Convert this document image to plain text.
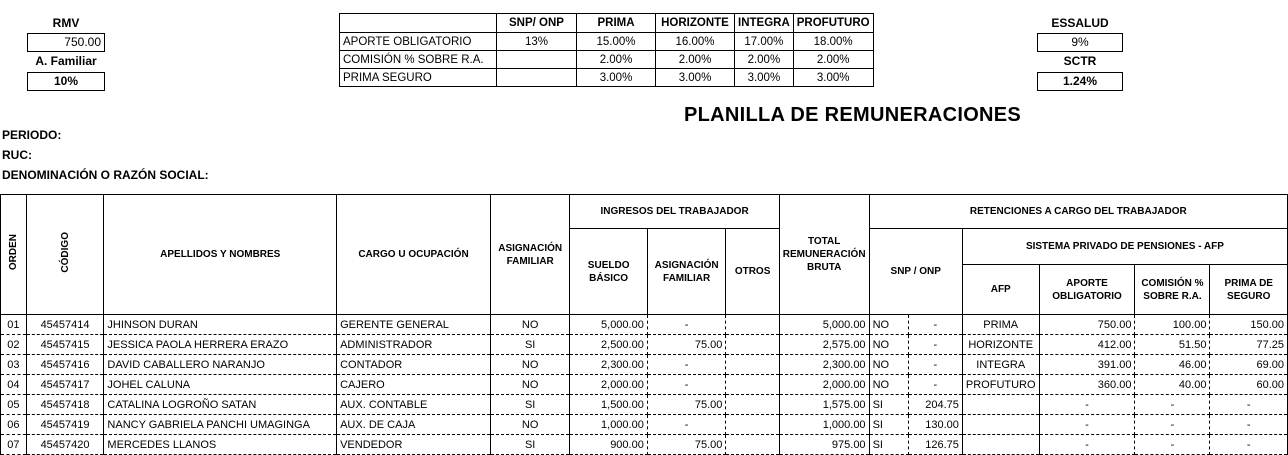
RMV
750.00
A. Familiar
10%
ESSALUD
9%
SCTR
1.24%
	SNP/ ONP	PRIMA	HORIZONTE	INTEGRA	PROFUTURO
APORTE OBLIGATORIO	13%	15.00%	16.00%	17.00%	18.00%
COMISIÓN % SOBRE R.A.		2.00%	2.00%	2.00%	2.00%
PRIMA SEGURO		3.00%	3.00%	3.00%	3.00%
PLANILLA DE REMUNERACIONES
PERIODO:
RUC:
DENOMINACIÓN O RAZÓN SOCIAL:
ORDEN	CÓDIGO	APELLIDOS Y NOMBRES	CARGO U OCUPACIÓN	ASIGNACIÓN FAMILIAR	INGRESOS DEL TRABAJADOR			TOTAL REMUNERACIÓN BRUTA	RETENCIONES A CARGO DEL TRABAJADOR					
					SUELDO BÁSICO	ASIGNACIÓN FAMILIAR	OTROS		SNP / ONP		SISTEMA PRIVADO DE PENSIONES - AFP			
											AFP	APORTE OBLIGATORIO	COMISIÓN % SOBRE R.A.	PRIMA DE SEGURO
01	45457414	JHINSON DURAN	GERENTE GENERAL	NO	5,000.00	-		5,000.00	NO	-	PRIMA	750.00	100.00	150.00
02	45457415	JESSICA PAOLA HERRERA ERAZO	ADMINISTRADOR	SI	2,500.00	75.00		2,575.00	NO	-	HORIZONTE	412.00	51.50	77.25
03	45457416	DAVID CABALLERO NARANJO	CONTADOR	NO	2,300.00	-		2,300.00	NO	-	INTEGRA	391.00	46.00	69.00
04	45457417	JOHEL CALUNA	CAJERO	NO	2,000.00	-		2,000.00	NO	-	PROFUTURO	360.00	40.00	60.00
05	45457418	CATALINA LOGROÑO SATAN	AUX. CONTABLE	SI	1,500.00	75.00		1,575.00	SI	204.75		-	-	-
06	45457419	NANCY GABRIELA PANCHI UMAGINGA	AUX. DE CAJA	NO	1,000.00	-		1,000.00	SI	130.00		-	-	-
07	45457420	MERCEDES LLANOS	VENDEDOR	SI	900.00	75.00		975.00	SI	126.75		-	-	-
